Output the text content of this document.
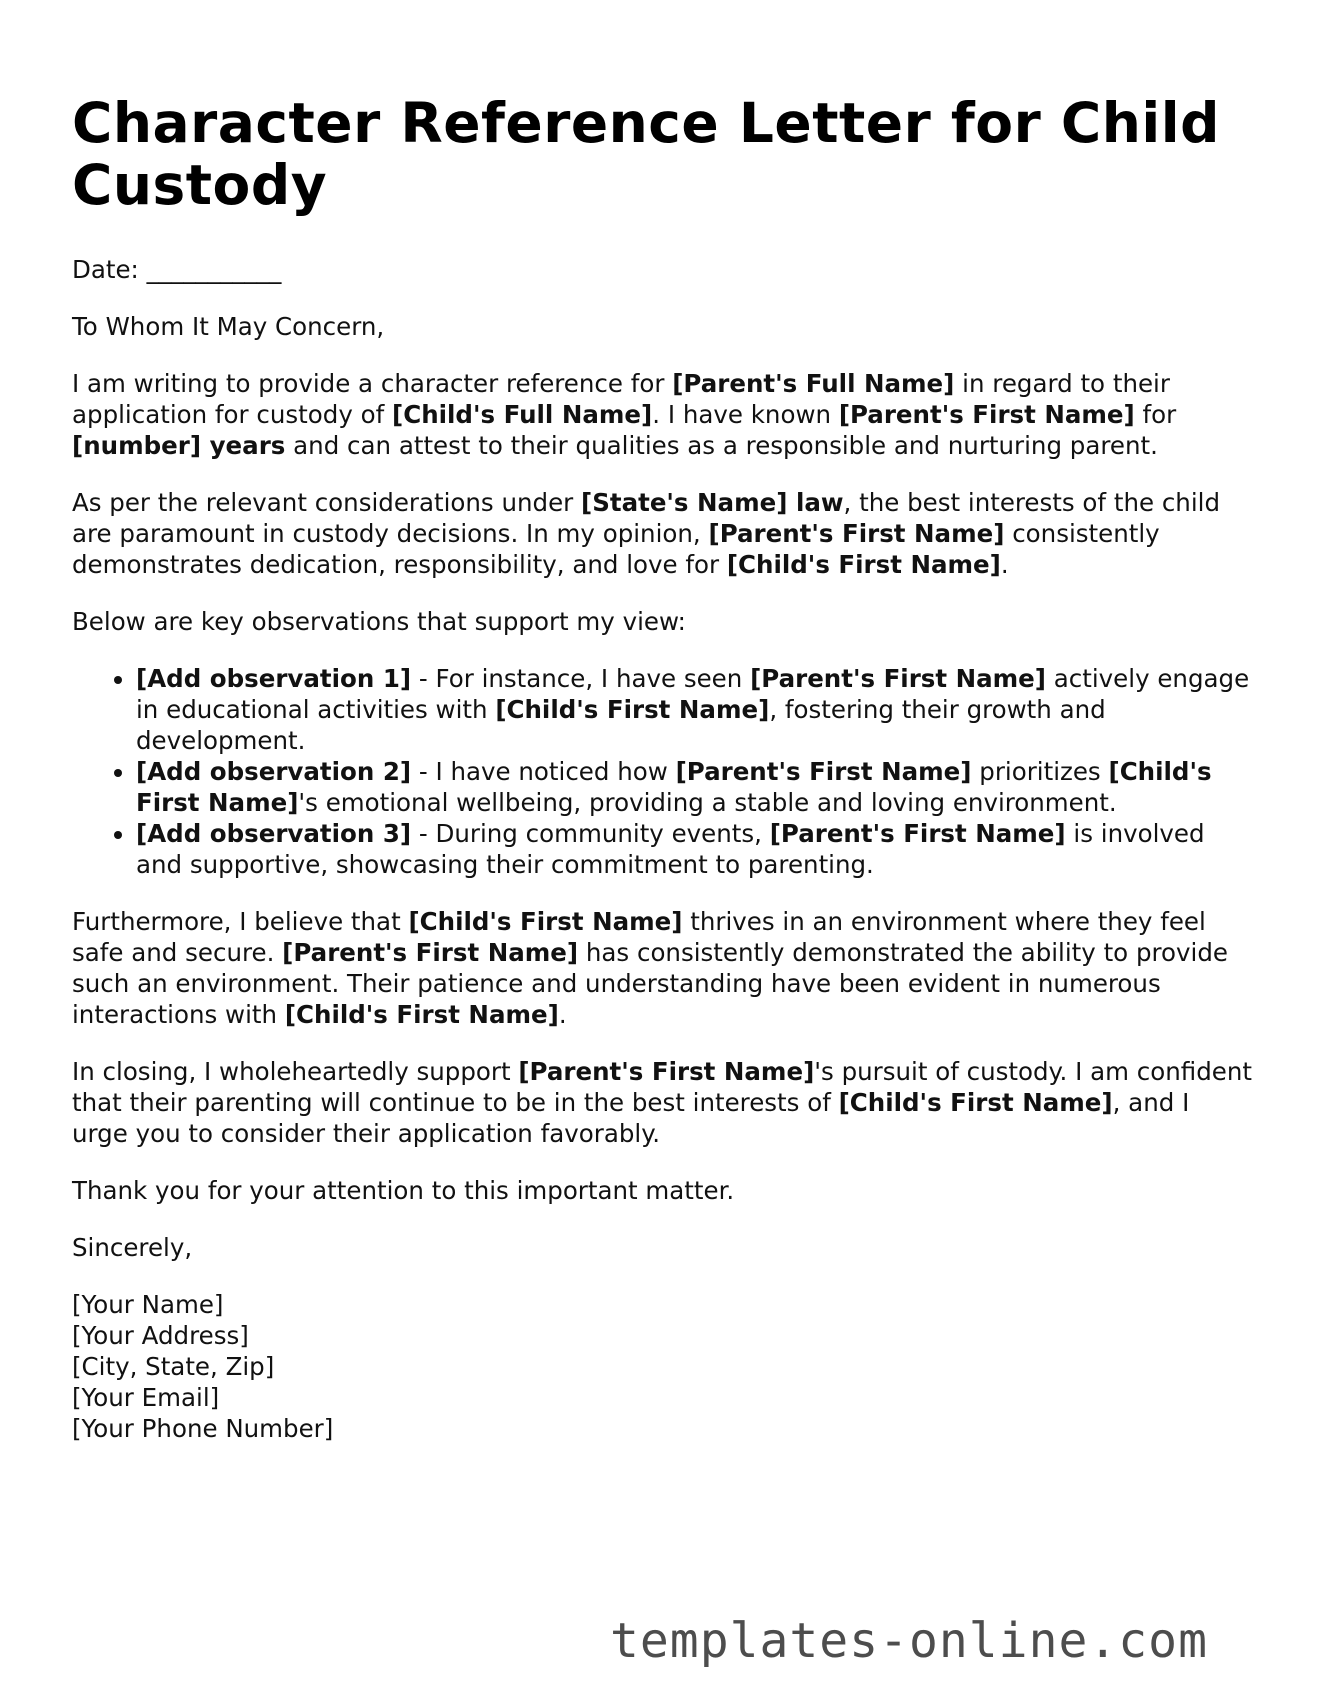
Character Reference Letter for Child Custody

Date: ___________

To Whom It May Concern,

I am writing to provide a character reference for [Parent's Full Name] in regard to their application for custody of [Child's Full Name]. I have known [Parent's First Name] for [number] years and can attest to their qualities as a responsible and nurturing parent.

As per the relevant considerations under [State's Name] law, the best interests of the child are paramount in custody decisions. In my opinion, [Parent's First Name] consistently demonstrates dedication, responsibility, and love for [Child's First Name].

Below are key observations that support my view:

• [Add observation 1] - For instance, I have seen [Parent's First Name] actively engage in educational activities with [Child's First Name], fostering their growth and development.
• [Add observation 2] - I have noticed how [Parent's First Name] prioritizes [Child's First Name]'s emotional wellbeing, providing a stable and loving environment.
• [Add observation 3] - During community events, [Parent's First Name] is involved and supportive, showcasing their commitment to parenting.

Furthermore, I believe that [Child's First Name] thrives in an environment where they feel safe and secure. [Parent's First Name] has consistently demonstrated the ability to provide such an environment. Their patience and understanding have been evident in numerous interactions with [Child's First Name].

In closing, I wholeheartedly support [Parent's First Name]'s pursuit of custody. I am confident that their parenting will continue to be in the best interests of [Child's First Name], and I urge you to consider their application favorably.

Thank you for your attention to this important matter.

Sincerely,

[Your Name]
[Your Address]
[City, State, Zip]
[Your Email]
[Your Phone Number]
templates-online.com
